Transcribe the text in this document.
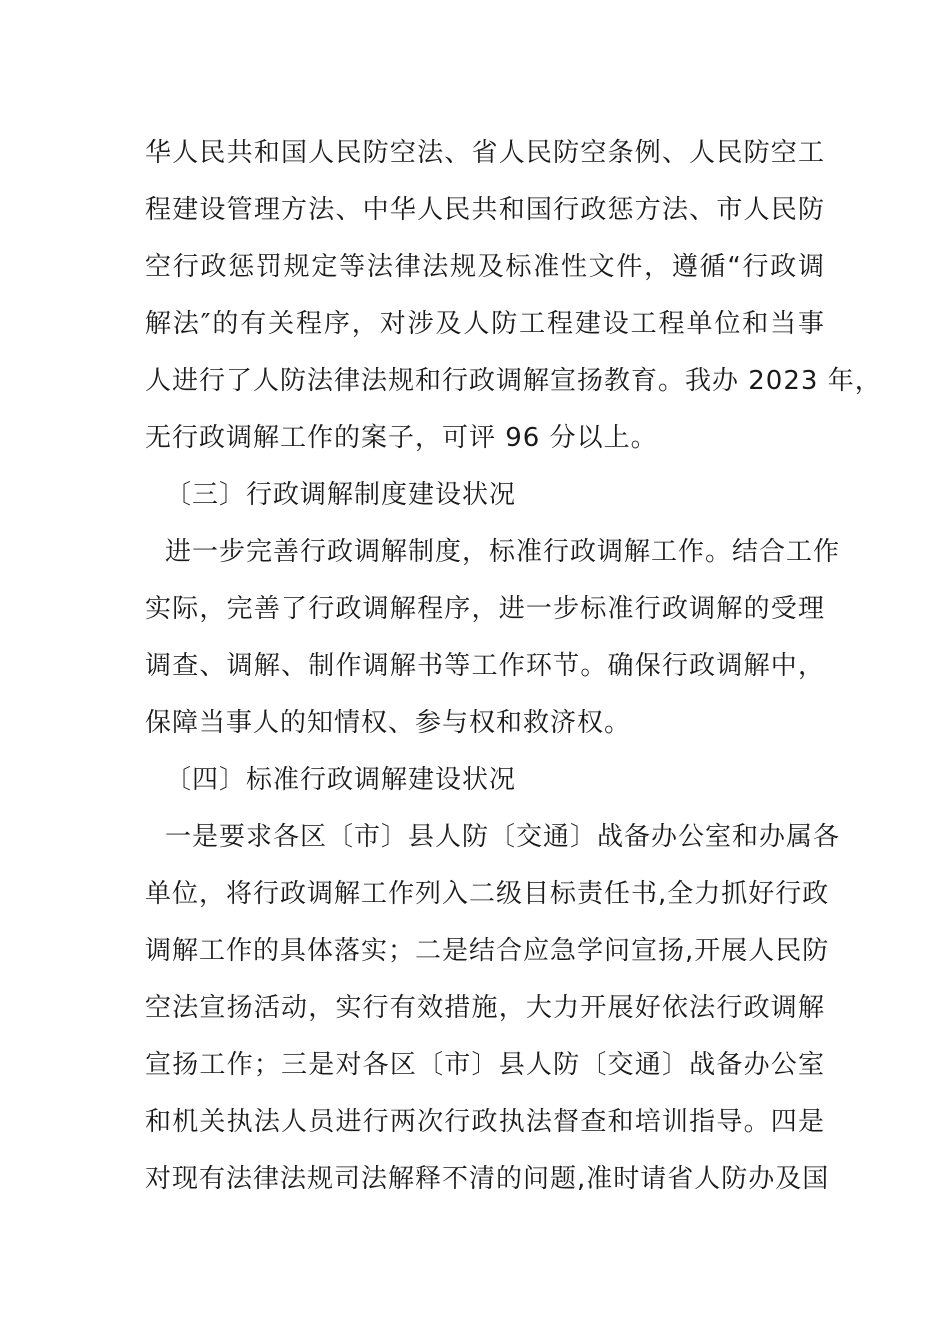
华人民共和国人民防空法、省人民防空条例、人民防空工
程建设管理方法、中华人民共和国行政惩方法、市人民防
空行政惩罚规定等法律法规及标准性文件，遵循“行政调
解法″的有关程序，对涉及人防工程建设工程单位和当事
人进行了人防法律法规和行政调解宣扬教育。我办 2023 年，
无行政调解工作的案子，可评 96 分以上。
〔三〕行政调解制度建设状况
进一步完善行政调解制度，标准行政调解工作。结合工作
实际，完善了行政调解程序，进一步标准行政调解的受理
调查、调解、制作调解书等工作环节。确保行政调解中，
保障当事人的知情权、参与权和救济权。
〔四〕标准行政调解建设状况
一是要求各区〔市〕县人防〔交通〕战备办公室和办属各
单位，将行政调解工作列入二级目标责任书,全力抓好行政
调解工作的具体落实；二是结合应急学问宣扬,开展人民防
空法宣扬活动，实行有效措施，大力开展好依法行政调解
宣扬工作；三是对各区〔市〕县人防〔交通〕战备办公室
和机关执法人员进行两次行政执法督查和培训指导。四是
对现有法律法规司法解释不清的问题,准时请省人防办及国
